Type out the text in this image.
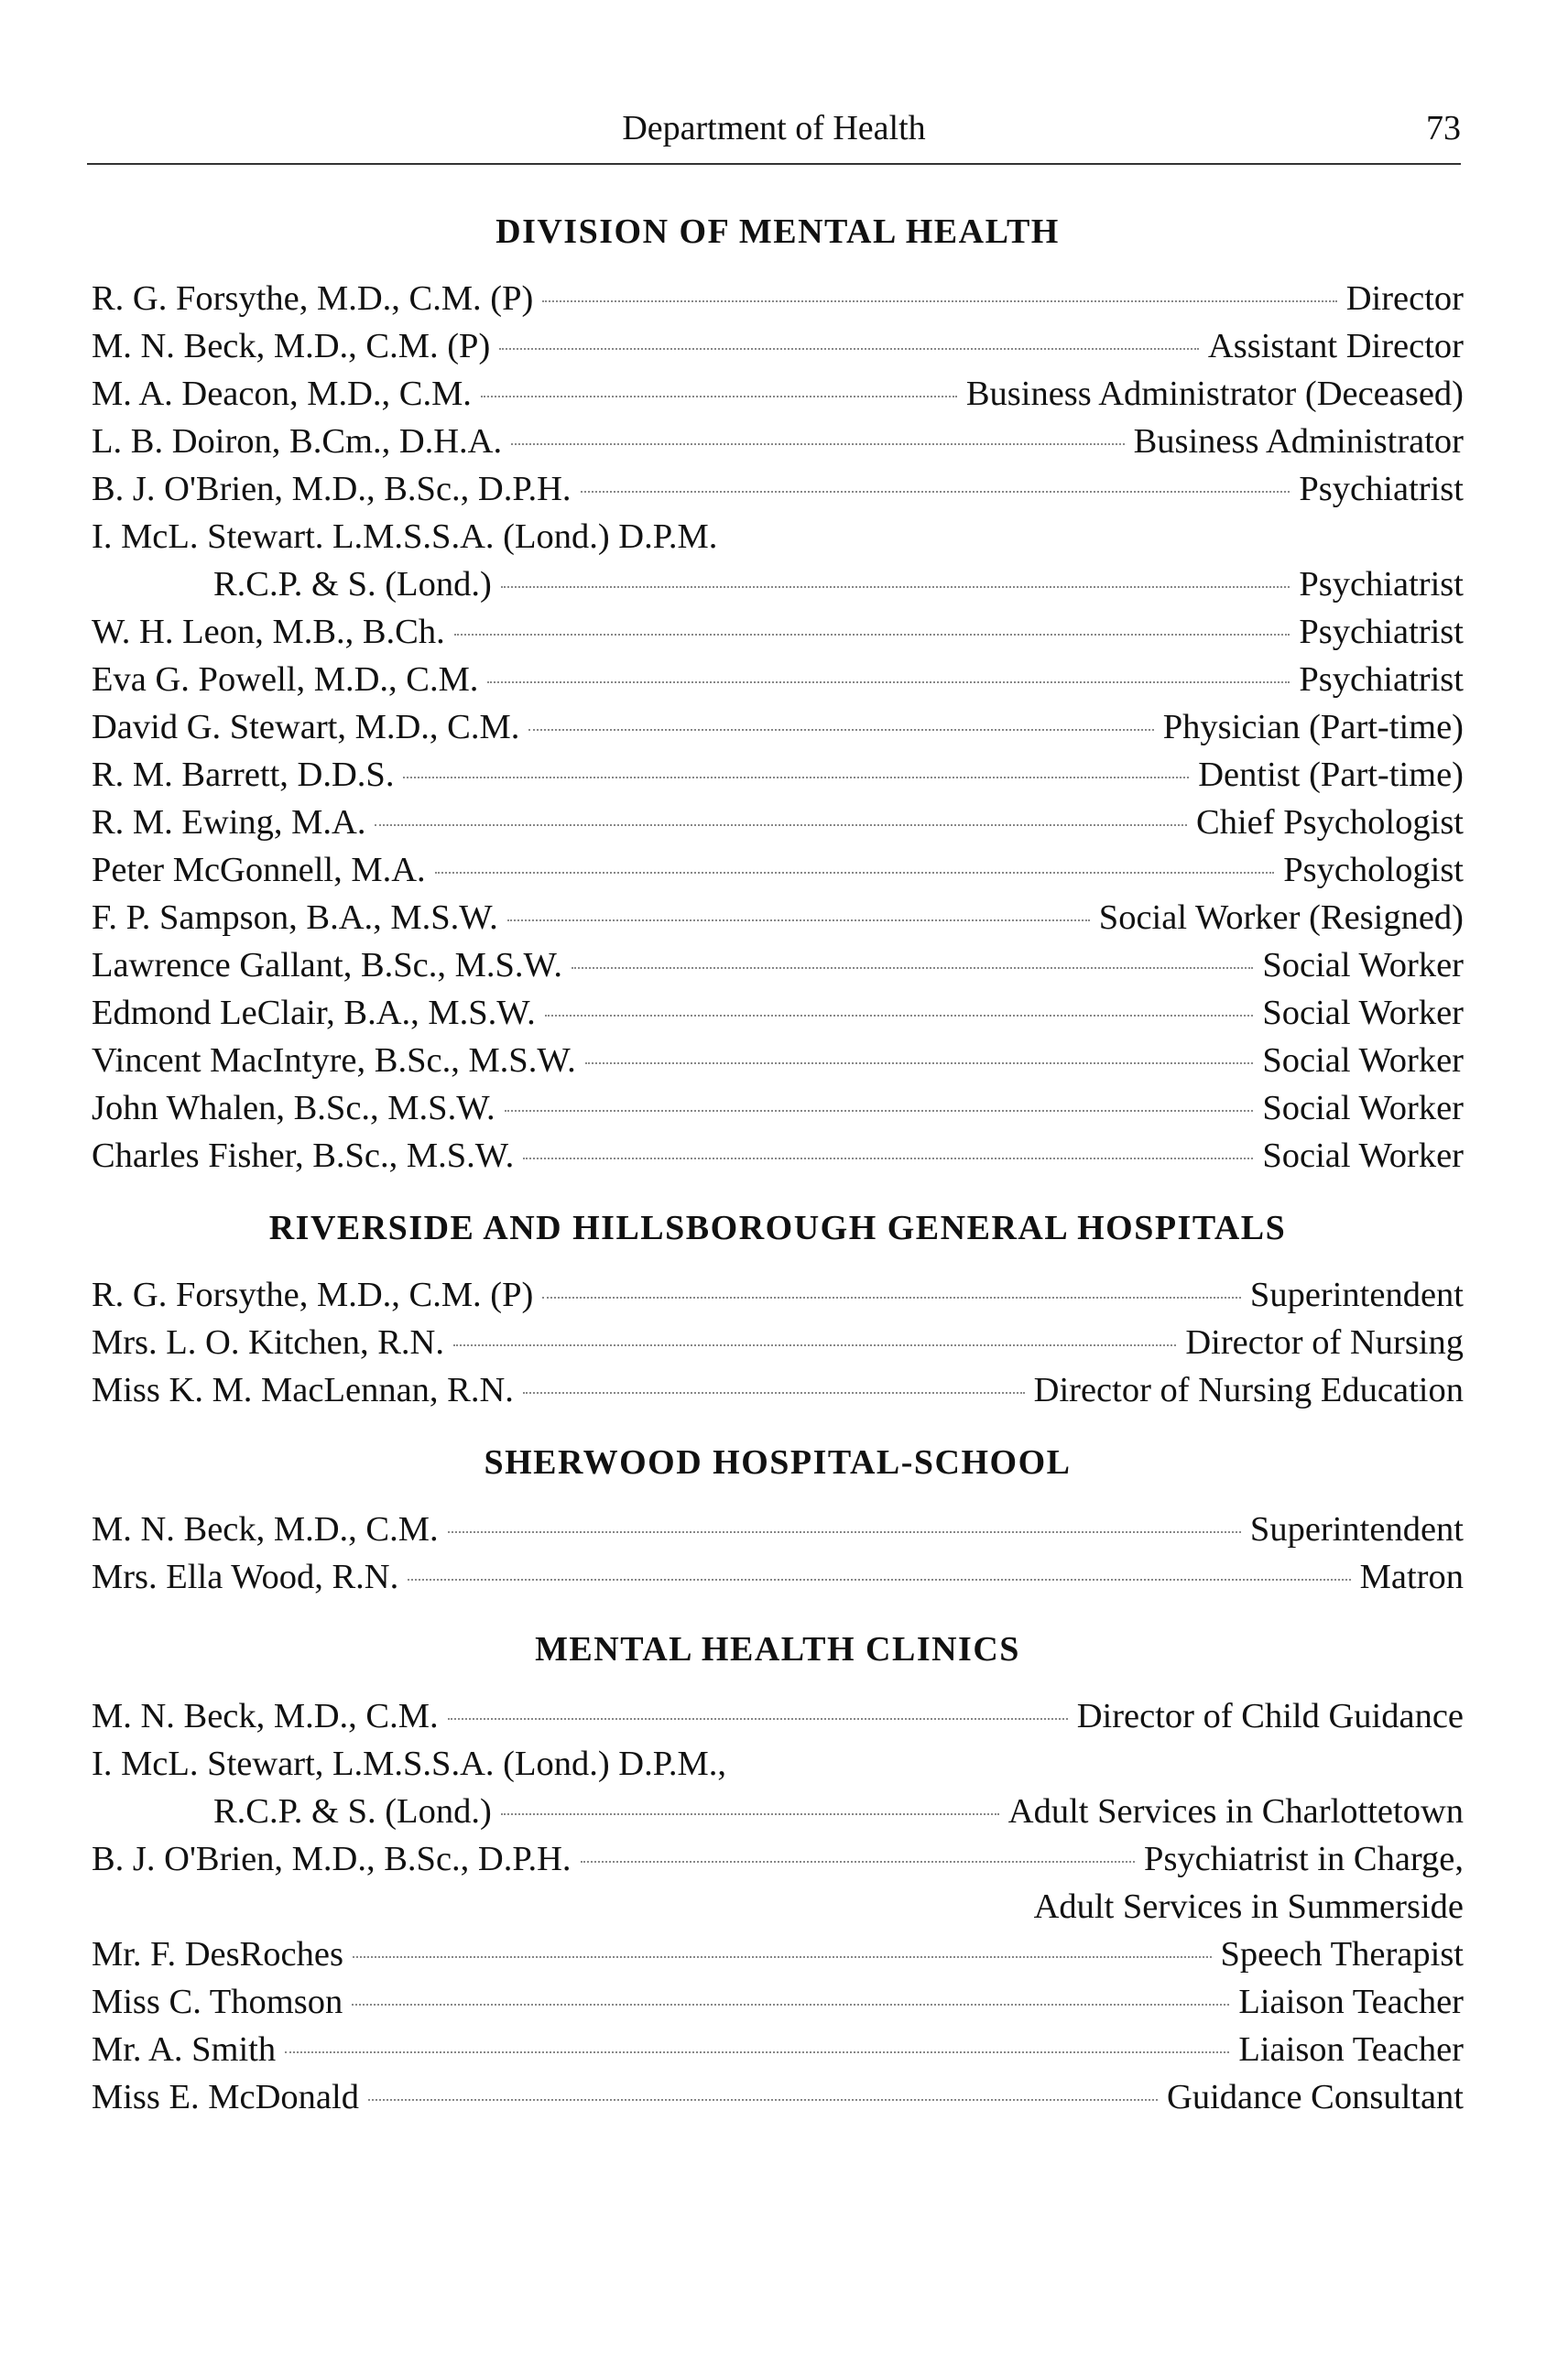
Department of Health	73
DIVISION OF MENTAL HEALTH
R. G. Forsythe, M.D., C.M. (P)	Director
M. N. Beck, M.D., C.M. (P)	Assistant Director
M. A. Deacon, M.D., C.M.	Business Administrator (Deceased)
L. B. Doiron, B.Cm., D.H.A.	Business Administrator
B. J. O'Brien, M.D., B.Sc., D.P.H.	Psychiatrist
I. McL. Stewart. L.M.S.S.A. (Lond.) D.P.M.
R.C.P. & S. (Lond.)	Psychiatrist
W. H. Leon, M.B., B.Ch.	Psychiatrist
Eva G. Powell, M.D., C.M.	Psychiatrist
David G. Stewart, M.D., C.M.	Physician (Part-time)
R. M. Barrett, D.D.S.	Dentist (Part-time)
R. M. Ewing, M.A.	Chief Psychologist
Peter McGonnell, M.A.	Psychologist
F. P. Sampson, B.A., M.S.W.	Social Worker (Resigned)
Lawrence Gallant, B.Sc., M.S.W.	Social Worker
Edmond LeClair, B.A., M.S.W.	Social Worker
Vincent MacIntyre, B.Sc., M.S.W.	Social Worker
John Whalen, B.Sc., M.S.W.	Social Worker
Charles Fisher, B.Sc., M.S.W.	Social Worker
RIVERSIDE AND HILLSBOROUGH GENERAL HOSPITALS
R. G. Forsythe, M.D., C.M. (P)	Superintendent
Mrs. L. O. Kitchen, R.N.	Director of Nursing
Miss K. M. MacLennan, R.N.	Director of Nursing Education
SHERWOOD HOSPITAL-SCHOOL
M. N. Beck, M.D., C.M.	Superintendent
Mrs. Ella Wood, R.N.	Matron
MENTAL HEALTH CLINICS
M. N. Beck, M.D., C.M.	Director of Child Guidance
I. McL. Stewart, L.M.S.S.A. (Lond.) D.P.M.,
R.C.P. & S. (Lond.)	Adult Services in Charlottetown
B. J. O'Brien, M.D., B.Sc., D.P.H.	Psychiatrist in Charge,
Adult Services in Summerside
Mr. F. DesRoches	Speech Therapist
Miss C. Thomson	Liaison Teacher
Mr. A. Smith	Liaison Teacher
Miss E. McDonald	Guidance Consultant
